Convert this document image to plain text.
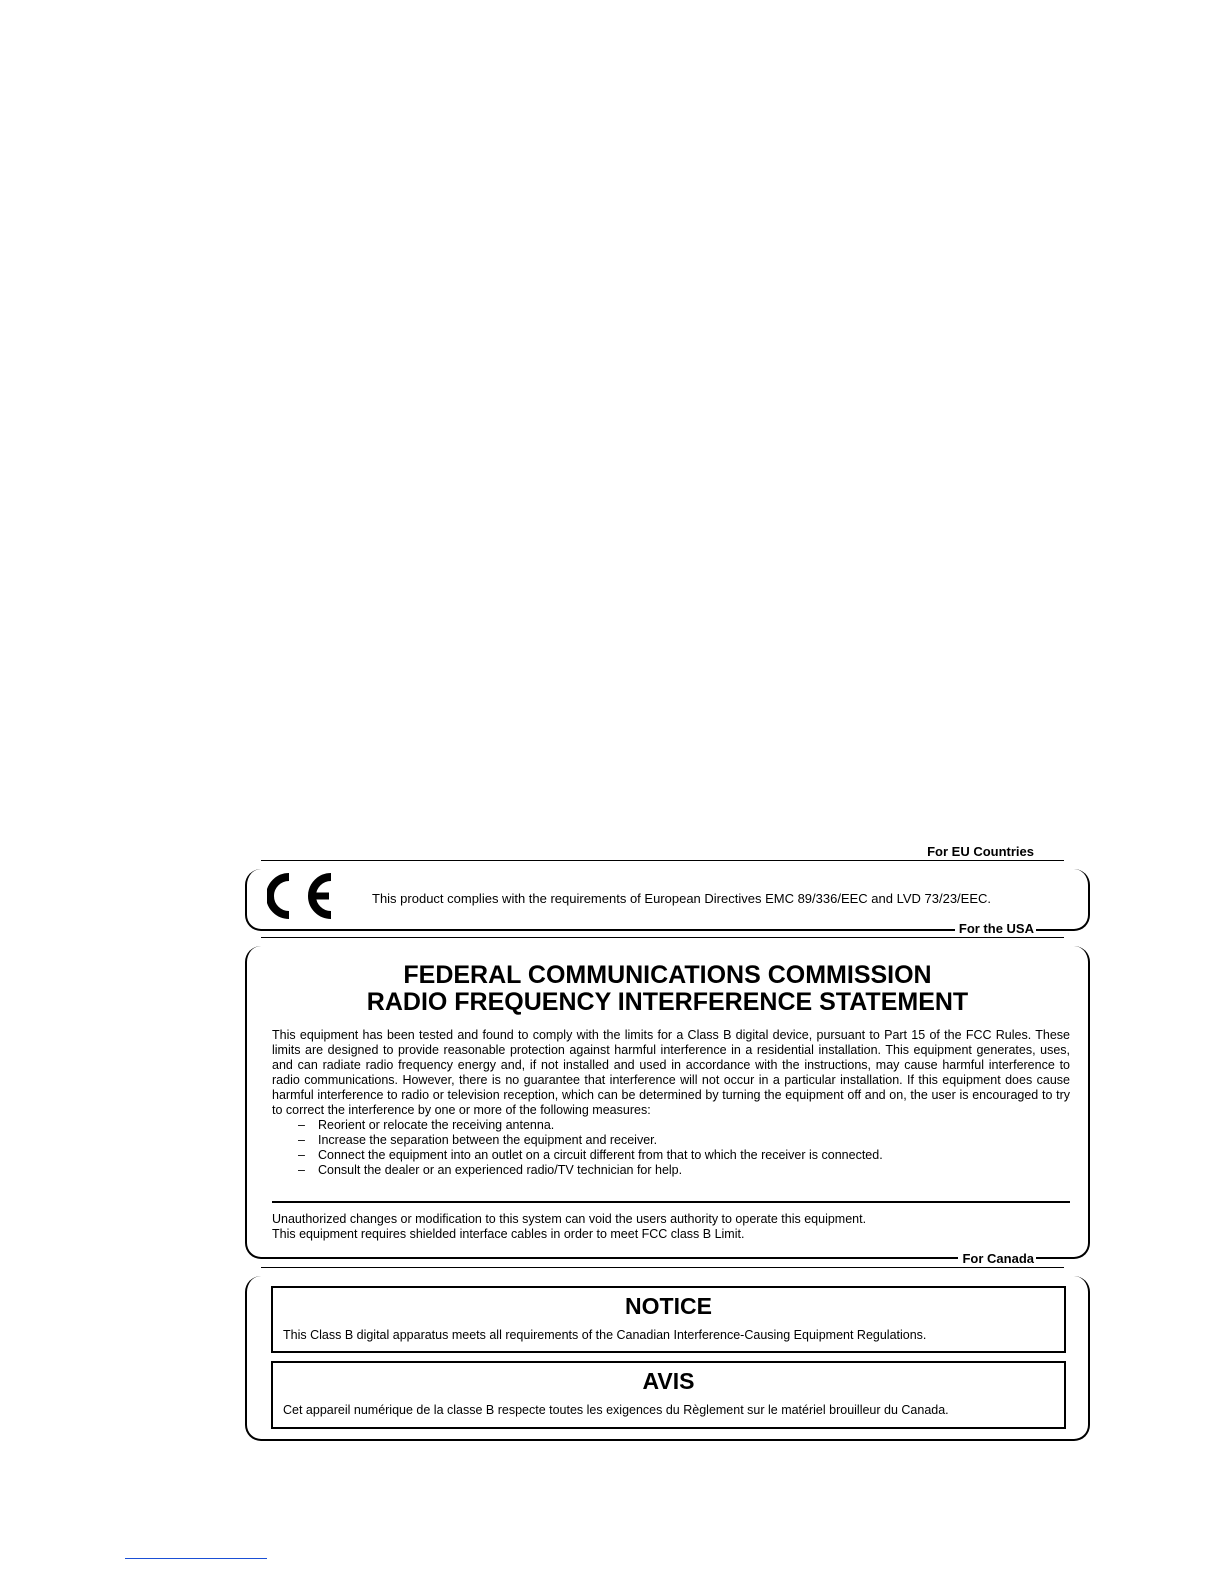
For EU Countries
This product complies with the requirements of European Directives EMC 89/336/EEC and LVD 73/23/EEC.
For the USA
FEDERAL COMMUNICATIONS COMMISSION
RADIO FREQUENCY INTERFERENCE STATEMENT
This equipment has been tested and found to comply with the limits for a Class B digital device, pursuant to Part 15 of the FCC Rules. These limits are designed to provide reasonable protection against harmful interference in a residential installation. This equipment generates, uses, and can radiate radio frequency energy and, if not installed and used in accordance with the instructions, may cause harmful interference to radio communications. However, there is no guarantee that interference will not occur in a particular installation. If this equipment does cause harmful interference to radio or television reception, which can be determined by turning the equipment off and on, the user is encouraged to try to correct the interference by one or more of the following measures:
– Reorient or relocate the receiving antenna.
– Increase the separation between the equipment and receiver.
– Connect the equipment into an outlet on a circuit different from that to which the receiver is connected.
– Consult the dealer or an experienced radio/TV technician for help.
Unauthorized changes or modification to this system can void the users authority to operate this equipment.
This equipment requires shielded interface cables in order to meet FCC class B Limit.
For Canada
NOTICE
This Class B digital apparatus meets all requirements of the Canadian Interference-Causing Equipment Regulations.
AVIS
Cet appareil numérique de la classe B respecte toutes les exigences du Règlement sur le matériel brouilleur du Canada.
